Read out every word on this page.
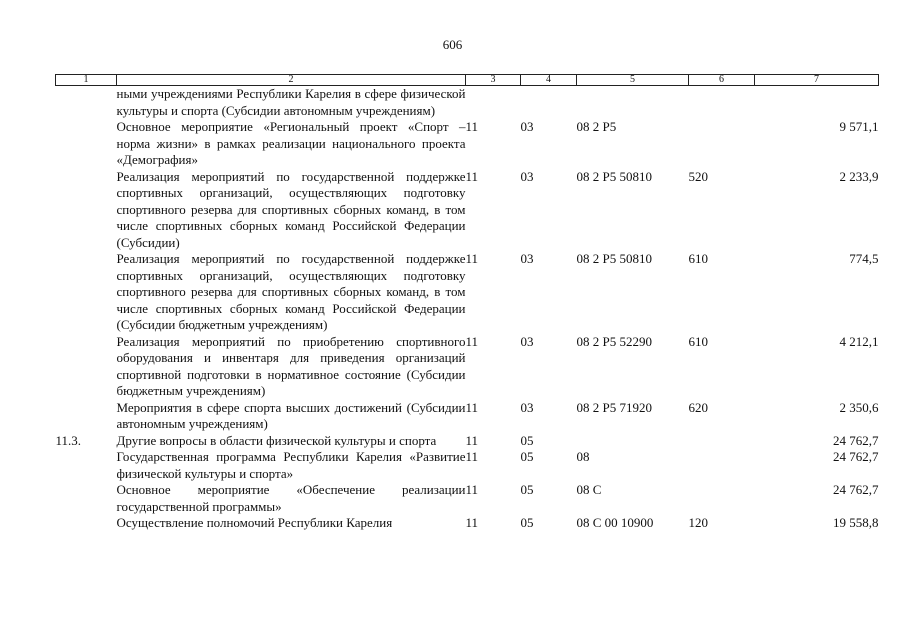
606
1	2	3	4	5	6	7
	ными учреждениями Республики Карелия в сфере физической культуры и спорта (Субсидии автономным учреждениям)					
	Основное мероприятие «Региональный проект «Спорт – норма жизни» в рамках реализации национального проекта «Демография»	11	03	08 2 Р5		9 571,1
	Реализация мероприятий по государственной поддержке спортивных организаций, осуществляющих подготовку спортивного резерва для спортивных сборных команд, в том числе спортивных сборных команд Российской Федерации (Субсидии)	11	03	08 2 Р5 50810	520	2 233,9
	Реализация мероприятий по государственной поддержке спортивных организаций, осуществляющих подготовку спортивного резерва для спортивных сборных команд, в том числе спортивных сборных команд Российской Федерации (Субсидии бюджетным учреждениям)	11	03	08 2 Р5 50810	610	774,5
	Реализация мероприятий по приобретению спортивного оборудования и инвентаря для приведения организаций спортивной подготовки в нормативное состояние (Субсидии бюджетным учреждениям)	11	03	08 2 Р5 52290	610	4 212,1
	Мероприятия в сфере спорта высших достижений (Субсидии автономным учреждениям)	11	03	08 2 Р5 71920	620	2 350,6
11.3.	Другие вопросы в области физической культуры и спорта	11	05			24 762,7
	Государственная программа Республики Карелия «Развитие физической культуры и спорта»	11	05	08		24 762,7
	Основное мероприятие «Обеспечение реализации государственной программы»	11	05	08 С		24 762,7
	Осуществление полномочий Республики Карелия	11	05	08 С 00 10900	120	19 558,8
